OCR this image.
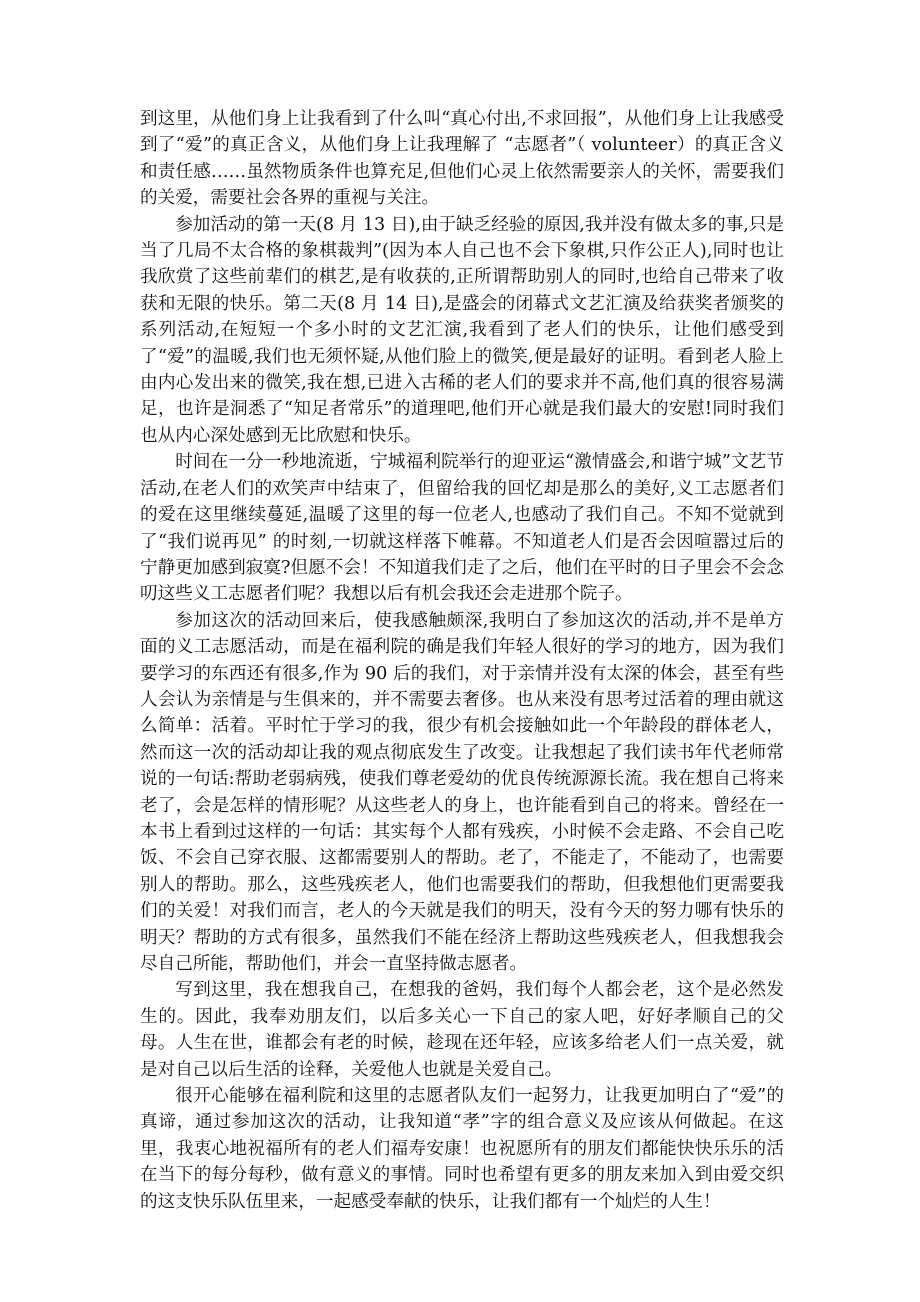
到这里，从他们身上让我看到了什么叫“真心付出,不求回报”，从他们身上让我感受到了“爱”的真正含义，从他们身上让我理解了 “志愿者”（ volunteer）的真正含义和责任感……虽然物质条件也算充足,但他们心灵上依然需要亲人的关怀，需要我们的关爱，需要社会各界的重视与关注。

参加活动的第一天(8 月 13 日),由于缺乏经验的原因,我并没有做太多的事,只是当了几局不太合格的象棋裁判”(因为本人自己也不会下象棋,只作公正人),同时也让我欣赏了这些前辈们的棋艺,是有收获的,正所谓帮助别人的同时,也给自己带来了收获和无限的快乐。第二天(8 月 14 日),是盛会的闭幕式文艺汇演及给获奖者颁奖的系列活动,在短短一个多小时的文艺汇演,我看到了老人们的快乐，让他们感受到了“爱”的温暖,我们也无须怀疑,从他们脸上的微笑,便是最好的证明。看到老人脸上由内心发出来的微笑,我在想,已进入古稀的老人们的要求并不高,他们真的很容易满足，也许是洞悉了“知足者常乐”的道理吧,他们开心就是我们最大的安慰!同时我们也从内心深处感到无比欣慰和快乐。

时间在一分一秒地流逝，宁城福利院举行的迎亚运“激情盛会,和谐宁城”文艺节活动,在老人们的欢笑声中结束了，但留给我的回忆却是那么的美好,义工志愿者们的爱在这里继续蔓延,温暖了这里的每一位老人,也感动了我们自己。不知不觉就到了“我们说再见” 的时刻,一切就这样落下帷幕。不知道老人们是否会因喧嚣过后的宁静更加感到寂寞?但愿不会！不知道我们走了之后，他们在平时的日子里会不会念叨这些义工志愿者们呢？我想以后有机会我还会走进那个院子。

参加这次的活动回来后，使我感触颇深,我明白了参加这次的活动,并不是单方面的义工志愿活动，而是在福利院的确是我们年轻人很好的学习的地方，因为我们要学习的东西还有很多,作为 90 后的我们，对于亲情并没有太深的体会，甚至有些人会认为亲情是与生俱来的，并不需要去奢侈。也从来没有思考过活着的理由就这么简单：活着。平时忙于学习的我，很少有机会接触如此一个年龄段的群体老人，然而这一次的活动却让我的观点彻底发生了改变。让我想起了我们读书年代老师常说的一句话:帮助老弱病残，使我们尊老爱幼的优良传统源源长流。我在想自己将来老了，会是怎样的情形呢？从这些老人的身上，也许能看到自己的将来。曾经在一本书上看到过这样的一句话：其实每个人都有残疾，小时候不会走路、不会自己吃饭、不会自己穿衣服、这都需要别人的帮助。老了，不能走了，不能动了，也需要别人的帮助。那么，这些残疾老人，他们也需要我们的帮助，但我想他们更需要我们的关爱！对我们而言，老人的今天就是我们的明天，没有今天的努力哪有快乐的明天？帮助的方式有很多，虽然我们不能在经济上帮助这些残疾老人，但我想我会尽自己所能，帮助他们，并会一直坚持做志愿者。

写到这里，我在想我自己，在想我的爸妈，我们每个人都会老，这个是必然发生的。因此，我奉劝朋友们，以后多关心一下自己的家人吧，好好孝顺自己的父母。人生在世，谁都会有老的时候，趁现在还年轻，应该多给老人们一点关爱，就是对自己以后生活的诠释，关爱他人也就是关爱自己。

很开心能够在福利院和这里的志愿者队友们一起努力，让我更加明白了“爱”的真谛，通过参加这次的活动，让我知道“孝”字的组合意义及应该从何做起。在这里，我衷心地祝福所有的老人们福寿安康！也祝愿所有的朋友们都能快快乐乐的活在当下的每分每秒，做有意义的事情。同时也希望有更多的朋友来加入到由爱交织的这支快乐队伍里来，一起感受奉献的快乐，让我们都有一个灿烂的人生！
